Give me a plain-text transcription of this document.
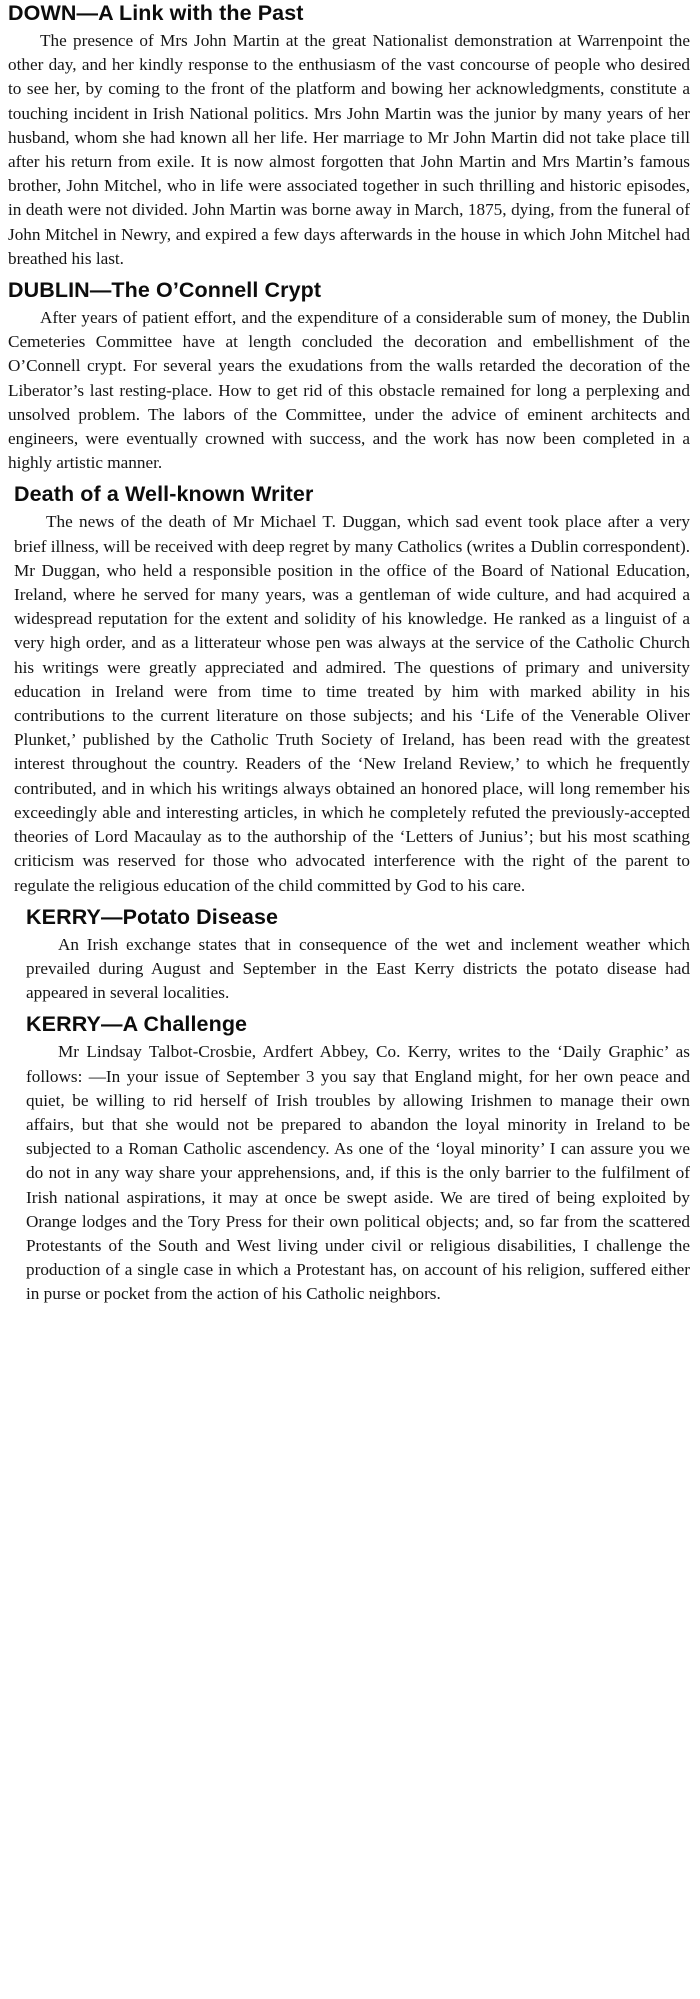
DOWN—A Link with the Past

The presence of Mrs John Martin at the great Nationalist demonstration at Warrenpoint the other day, and her kindly response to the enthusiasm of the vast concourse of people who desired to see her, by coming to the front of the platform and bowing her acknowledgments, constitute a touching incident in Irish National politics. Mrs John Martin was the junior by many years of her husband, whom she had known all her life. Her marriage to Mr John Martin did not take place till after his return from exile. It is now almost forgotten that John Martin and Mrs Martin’s famous brother, John Mitchel, who in life were associated together in such thrilling and historic episodes, in death were not divided. John Martin was borne away in March, 1875, dying, from the funeral of John Mitchel in Newry, and expired a few days afterwards in the house in which John Mitchel had breathed his last.

DUBLIN—The O’Connell Crypt

After years of patient effort, and the expenditure of a considerable sum of money, the Dublin Cemeteries Committee have at length concluded the decoration and embellishment of the O’Connell crypt. For several years the exudations from the walls retarded the decoration of the Liberator’s last resting-place. How to get rid of this obstacle remained for long a perplexing and unsolved problem. The labors of the Committee, under the advice of eminent architects and engineers, were eventually crowned with success, and the work has now been completed in a highly artistic manner.

Death of a Well-known Writer

The news of the death of Mr Michael T. Duggan, which sad event took place after a very brief illness, will be received with deep regret by many Catholics (writes a Dublin correspondent). Mr Duggan, who held a responsible position in the office of the Board of National Education, Ireland, where he served for many years, was a gentleman of wide culture, and had acquired a widespread reputation for the extent and solidity of his knowledge. He ranked as a linguist of a very high order, and as a litterateur whose pen was always at the service of the Catholic Church his writings were greatly appreciated and admired. The questions of primary and university education in Ireland were from time to time treated by him with marked ability in his contributions to the current literature on those subjects; and his ‘Life of the Venerable Oliver Plunket,’ published by the Catholic Truth Society of Ireland, has been read with the greatest interest throughout the country. Readers of the ‘New Ireland Review,’ to which he frequently contributed, and in which his writings always obtained an honored place, will long remember his exceedingly able and interesting articles, in which he completely refuted the previously-accepted theories of Lord Macaulay as to the authorship of the ‘Letters of Junius’; but his most scathing criticism was reserved for those who advocated interference with the right of the parent to regulate the religious education of the child committed by God to his care.

KERRY—Potato Disease

An Irish exchange states that in consequence of the wet and inclement weather which prevailed during August and September in the East Kerry districts the potato disease had appeared in several localities.

KERRY—A Challenge

Mr Lindsay Talbot-Crosbie, Ardfert Abbey, Co. Kerry, writes to the ‘Daily Graphic’ as follows: —In your issue of September 3 you say that England might, for her own peace and quiet, be willing to rid herself of Irish troubles by allowing Irishmen to manage their own affairs, but that she would not be prepared to abandon the loyal minority in Ireland to be subjected to a Roman Catholic ascendency. As one of the ‘loyal minority’ I can assure you we do not in any way share your apprehensions, and, if this is the only barrier to the fulfilment of Irish national aspirations, it may at once be swept aside. We are tired of being exploited by Orange lodges and the Tory Press for their own political objects; and, so far from the scattered Protestants of the South and West living under civil or religious disabilities, I challenge the production of a single case in which a Protestant has, on account of his religion, suffered either in purse or pocket from the action of his Catholic neighbors.
